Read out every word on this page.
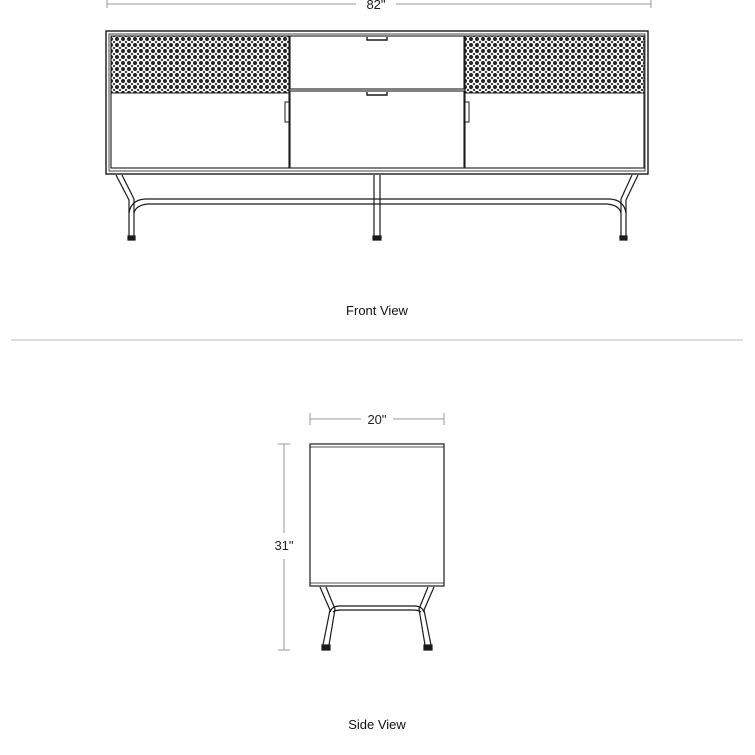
82"
Front View
20"
31"
Side View
